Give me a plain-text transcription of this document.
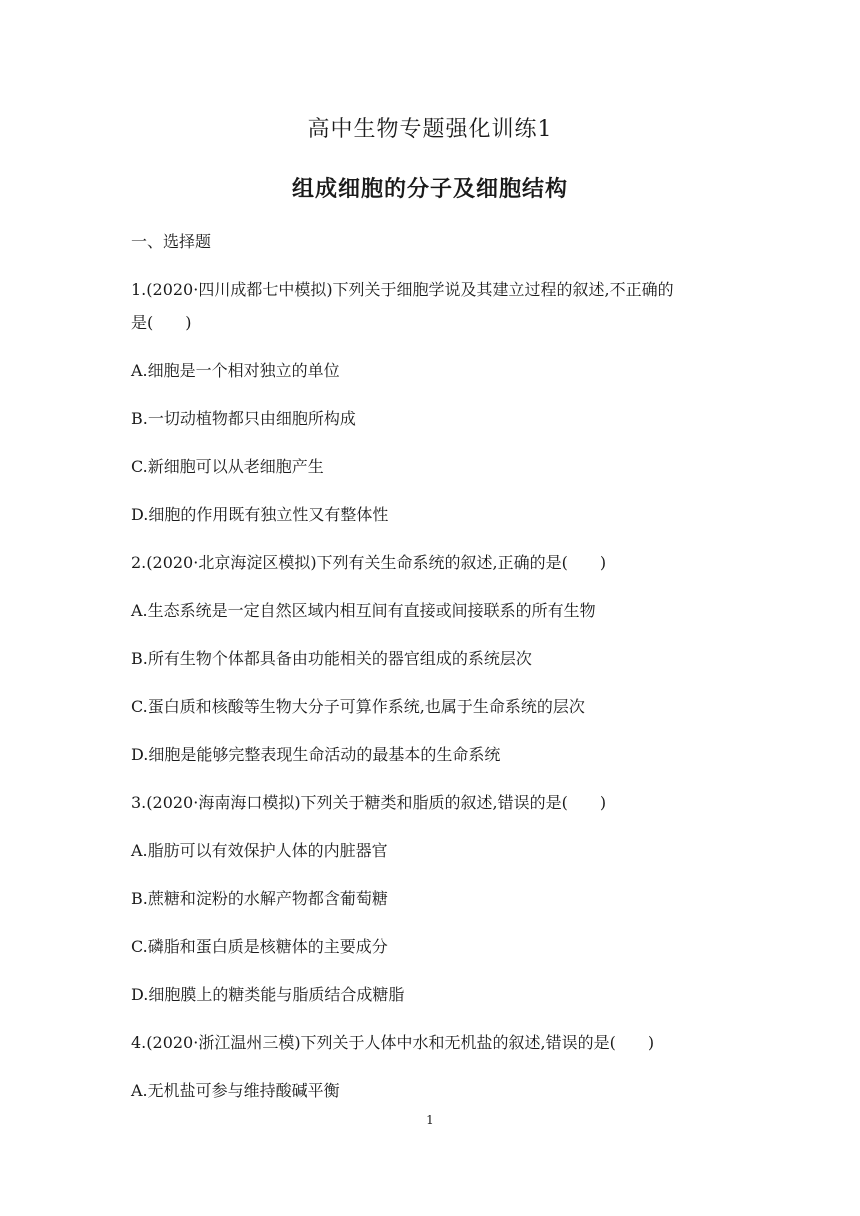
高中生物专题强化训练1
组成细胞的分子及细胞结构
一、选择题
1.(2020·四川成都七中模拟)下列关于细胞学说及其建立过程的叙述,不正确的
是(　　)
A.细胞是一个相对独立的单位
B.一切动植物都只由细胞所构成
C.新细胞可以从老细胞产生
D.细胞的作用既有独立性又有整体性
2.(2020·北京海淀区模拟)下列有关生命系统的叙述,正确的是(　　)
A.生态系统是一定自然区域内相互间有直接或间接联系的所有生物
B.所有生物个体都具备由功能相关的器官组成的系统层次
C.蛋白质和核酸等生物大分子可算作系统,也属于生命系统的层次
D.细胞是能够完整表现生命活动的最基本的生命系统
3.(2020·海南海口模拟)下列关于糖类和脂质的叙述,错误的是(　　)
A.脂肪可以有效保护人体的内脏器官
B.蔗糖和淀粉的水解产物都含葡萄糖
C.磷脂和蛋白质是核糖体的主要成分
D.细胞膜上的糖类能与脂质结合成糖脂
4.(2020·浙江温州三模)下列关于人体中水和无机盐的叙述,错误的是(　　)
A.无机盐可参与维持酸碱平衡
1
